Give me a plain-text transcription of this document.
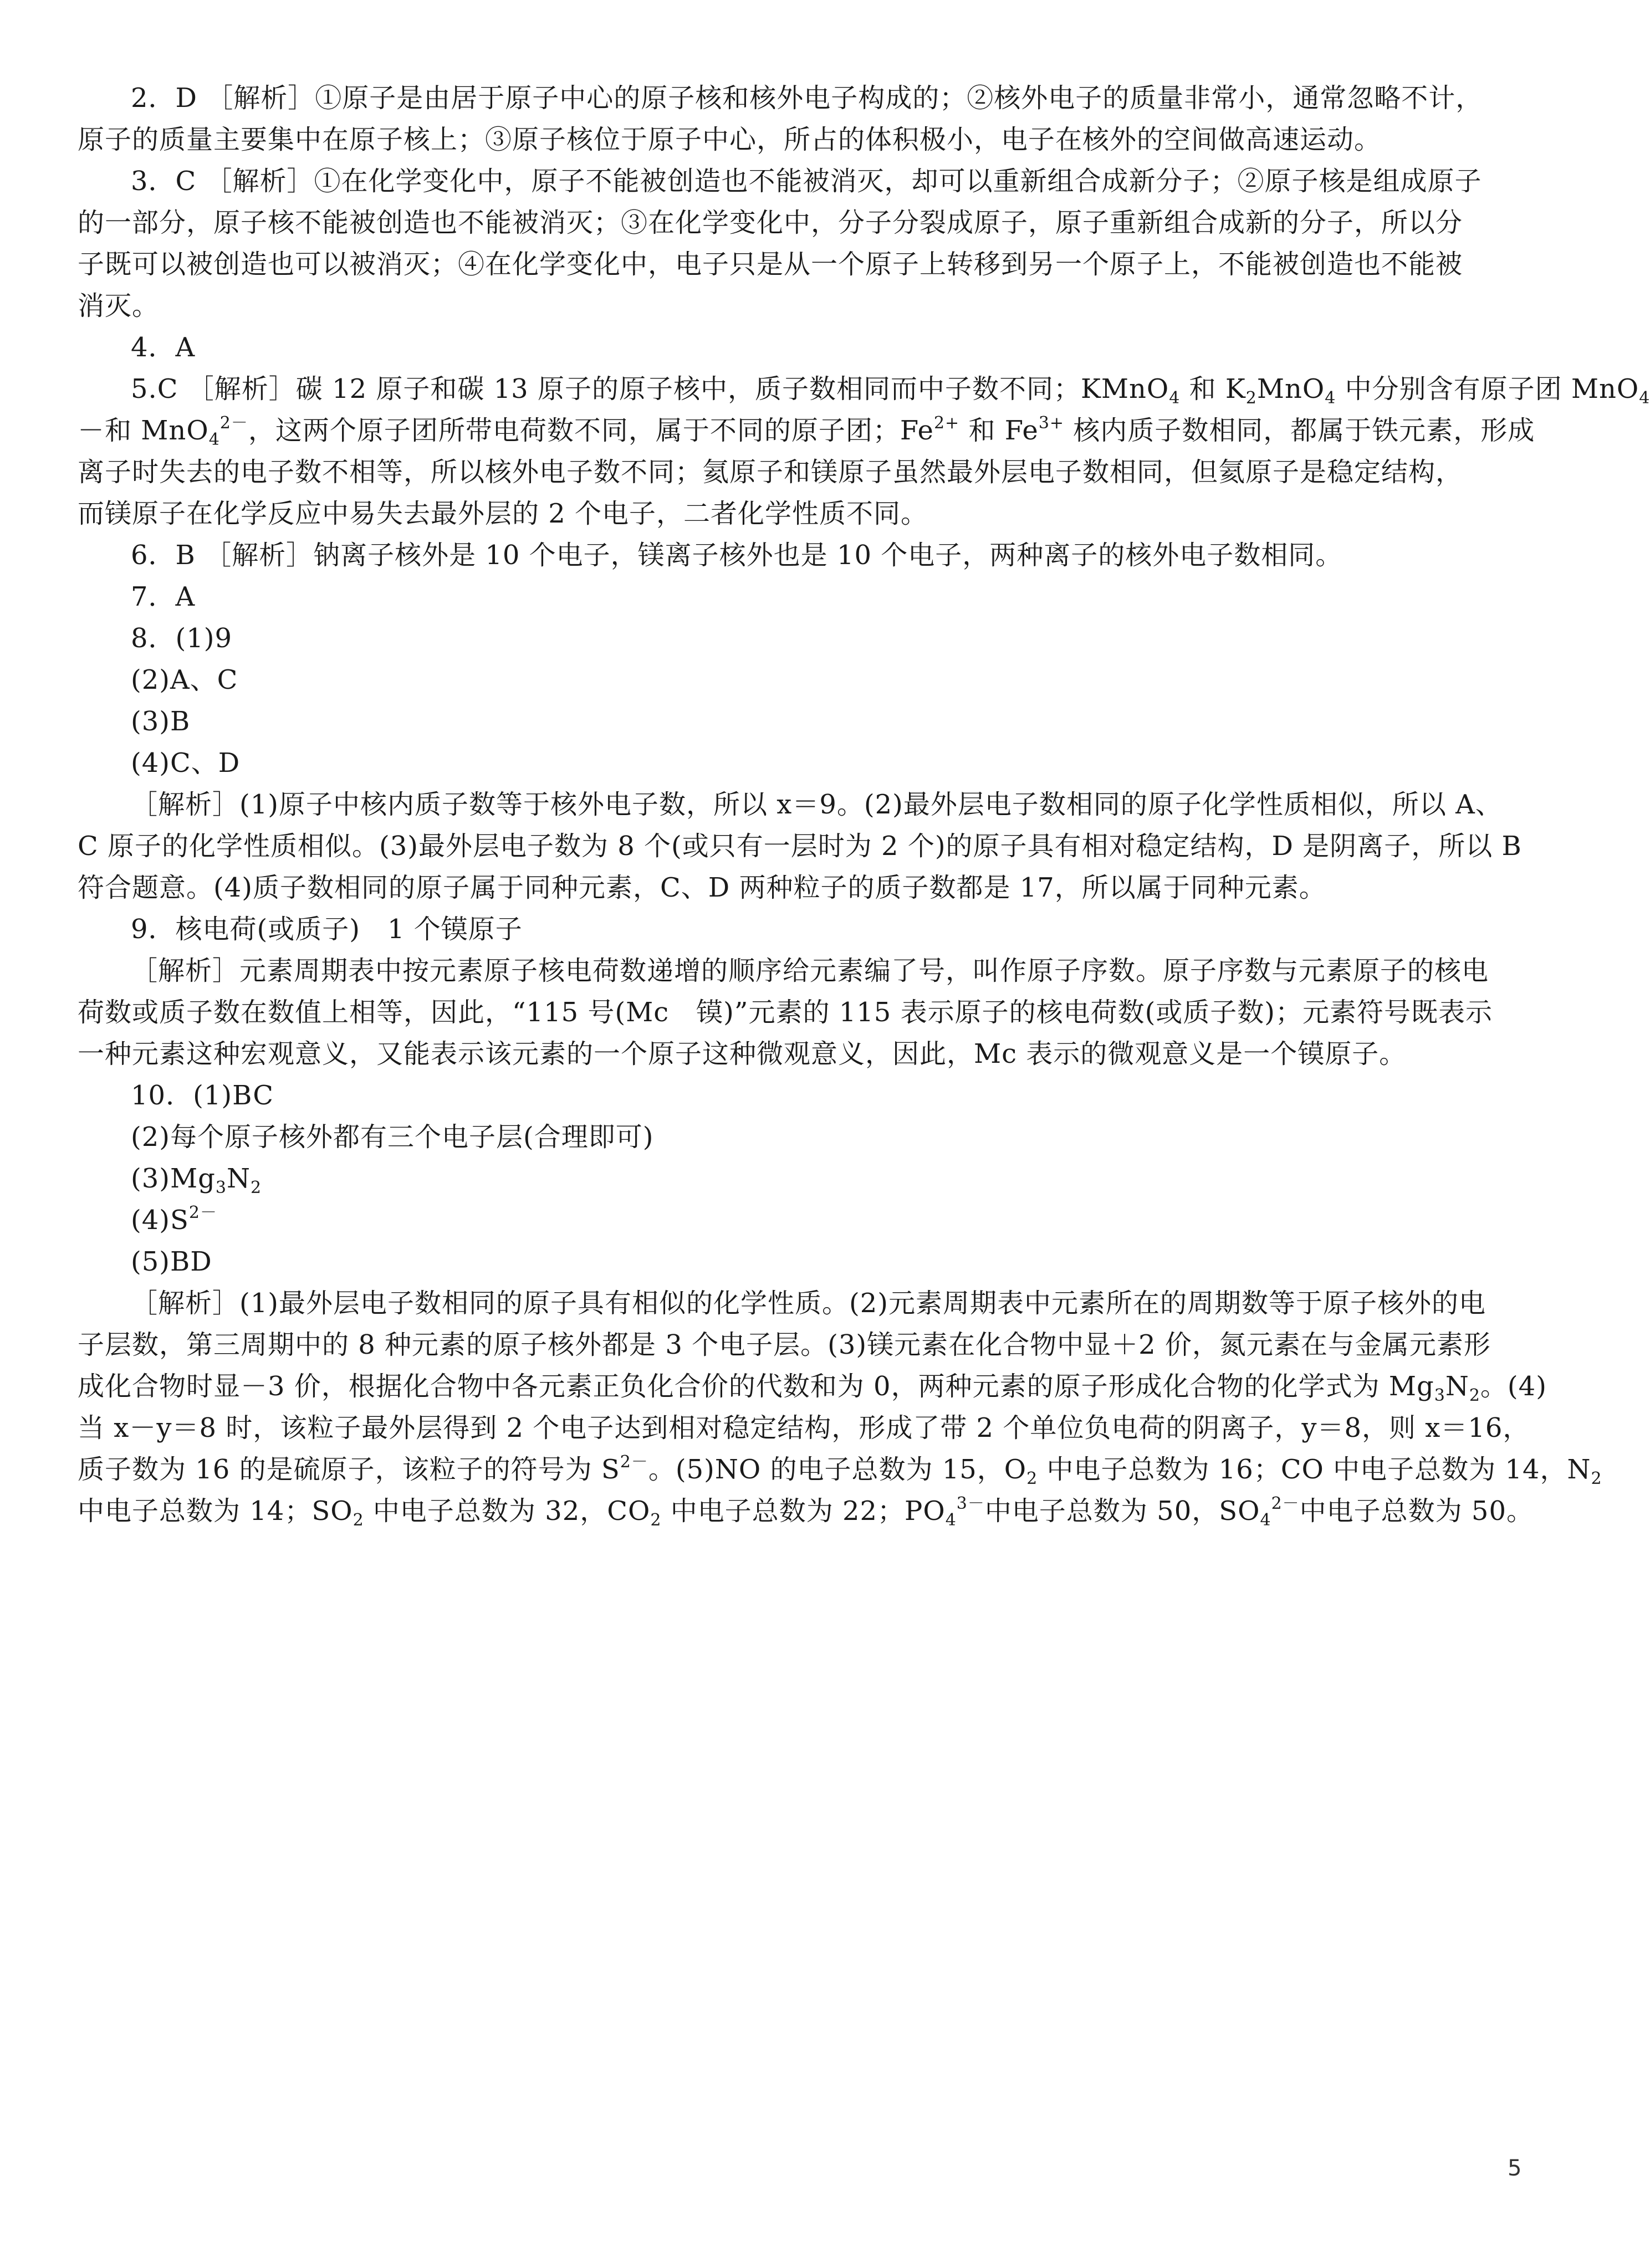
2．D ［解析］①原子是由居于原子中心的原子核和核外电子构成的；②核外电子的质量非常小，通常忽略不计，
原子的质量主要集中在原子核上；③原子核位于原子中心，所占的体积极小，电子在核外的空间做高速运动。
3．C ［解析］①在化学变化中，原子不能被创造也不能被消灭，却可以重新组合成新分子；②原子核是组成原子
的一部分，原子核不能被创造也不能被消灭；③在化学变化中，分子分裂成原子，原子重新组合成新的分子，所以分
子既可以被创造也可以被消灭；④在化学变化中，电子只是从一个原子上转移到另一个原子上，不能被创造也不能被
消灭。
4．A
5.C ［解析］碳 12 原子和碳 13 原子的原子核中，质子数相同而中子数不同；KMnO$_4$ 和 $K_2MnO_4$ 中分别含有原子团 MnO$_4$
－和 MnO$_4^{2-}$，这两个原子团所带电荷数不同，属于不同的原子团；$Fe^{2+}$ 和 $Fe^{3+}$ 核内质子数相同，都属于铁元素，形成
离子时失去的电子数不相等，所以核外电子数不同；氦原子和镁原子虽然最外层电子数相同，但氦原子是稳定结构，
而镁原子在化学反应中易失去最外层的 2 个电子，二者化学性质不同。
6．B ［解析］钠离子核外是 10 个电子，镁离子核外也是 10 个电子，两种离子的核外电子数相同。
7．A
8．(1)9
(2)A、C
(3)B
(4)C、D
［解析］(1)原子中核内质子数等于核外电子数，所以 x＝9。(2)最外层电子数相同的原子化学性质相似，所以 A、
C 原子的化学性质相似。(3)最外层电子数为 8 个(或只有一层时为 2 个)的原子具有相对稳定结构，D 是阴离子，所以 B
符合题意。(4)质子数相同的原子属于同种元素，C、D 两种粒子的质子数都是 17，所以属于同种元素。
9．核电荷(或质子)　1 个镆原子
［解析］元素周期表中按元素原子核电荷数递增的顺序给元素编了号，叫作原子序数。原子序数与元素原子的核电
荷数或质子数在数值上相等，因此，“115 号(Mc　镆)”元素的 115 表示原子的核电荷数(或质子数)；元素符号既表示
一种元素这种宏观意义，又能表示该元素的一个原子这种微观意义，因此，Mc 表示的微观意义是一个镆原子。
10．(1)BC
(2)每个原子核外都有三个电子层(合理即可)
$(3)Mg_3N_2$
$(4)S^{2-}$
(5)BD
［解析］(1)最外层电子数相同的原子具有相似的化学性质。(2)元素周期表中元素所在的周期数等于原子核外的电
子层数，第三周期中的 8 种元素的原子核外都是 3 个电子层。(3)镁元素在化合物中显＋2 价，氮元素在与金属元素形
成化合物时显－3 价，根据化合物中各元素正负化合价的代数和为 0，两种元素的原子形成化合物的化学式为 $Mg_3N_2$。(4)
当 x－y＝8 时，该粒子最外层得到 2 个电子达到相对稳定结构，形成了带 2 个单位负电荷的阴离子，y＝8，则 x＝16，
质子数为 16 的是硫原子，该粒子的符号为 $S^{2-}$。(5)NO 的电子总数为 15，$O_2$ 中电子总数为 16；CO 中电子总数为 14，$N_2$
中电子总数为 14；$SO_2$ 中电子总数为 32，$CO_2$ 中电子总数为 22；$PO_4^{3-}$中电子总数为 50，$SO_4^{2-}$中电子总数为 50。
5
